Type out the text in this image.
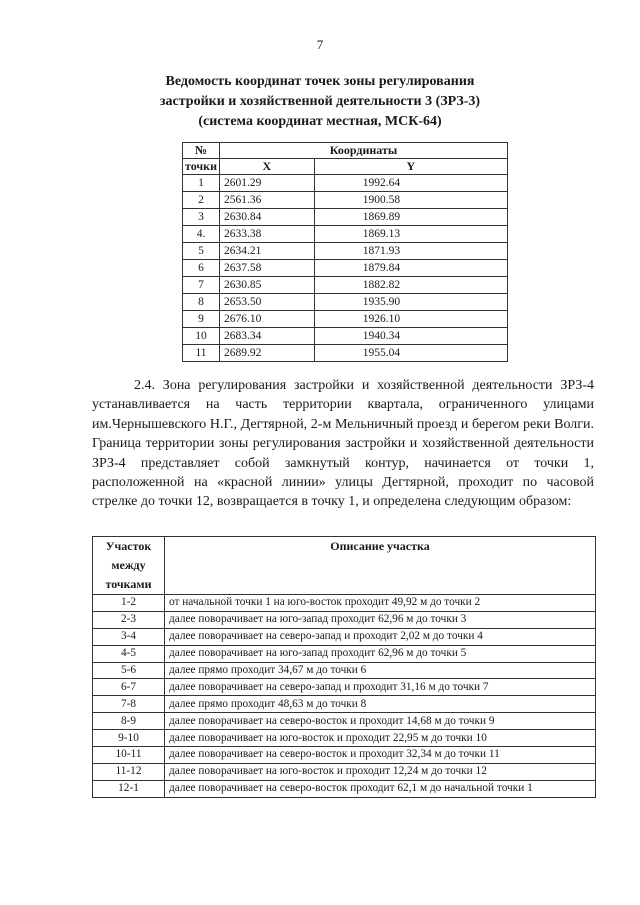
7
Ведомость координат точек зоны регулирования
застройки и хозяйственной деятельности 3 (ЗРЗ-3)
(система координат местная, МСК-64)
№	Координаты	
точки	X	Y
1	2601.29	1992.64
2	2561.36	1900.58
3	2630.84	1869.89
4.	2633.38	1869.13
5	2634.21	1871.93
6	2637.58	1879.84
7	2630.85	1882.82
8	2653.50	1935.90
9	2676.10	1926.10
10	2683.34	1940.34
11	2689.92	1955.04

2.4. Зона регулирования застройки и хозяйственной деятельности ЗРЗ-4 устанавливается на часть территории квартала, ограниченного улицами им.Чернышевского Н.Г., Дегтярной, 2-м Мельничный проезд и берегом реки Волги. Граница территории зоны регулирования застройки и хозяйственной деятельности ЗРЗ-4 представляет собой замкнутый контур, начинается от точки 1, расположенной на «красной линии» улицы Дегтярной, проходит по часовой стрелке до точки 12, возвращается в точку 1, и определена следующим образом:

Участок
между
точками	Описание участка
1-2	от начальной точки 1 на юго-восток проходит 49,92 м до точки 2
2-3	далее поворачивает на юго-запад проходит 62,96 м до точки 3
3-4	далее поворачивает на северо-запад и проходит 2,02 м до точки 4
4-5	далее поворачивает на юго-запад проходит 62,96 м до точки 5
5-6	далее прямо проходит 34,67 м до точки 6
6-7	далее поворачивает на северо-запад и проходит 31,16 м до точки 7
7-8	далее прямо проходит 48,63 м до точки 8
8-9	далее поворачивает на северо-восток и проходит 14,68 м до точки 9
9-10	далее поворачивает на юго-восток и проходит 22,95 м до точки 10
10-11	далее поворачивает на северо-восток и проходит 32,34 м до точки 11
11-12	далее поворачивает на юго-восток и проходит 12,24 м до точки 12
12-1	далее поворачивает на северо-восток проходит 62,1 м до начальной точки 1
